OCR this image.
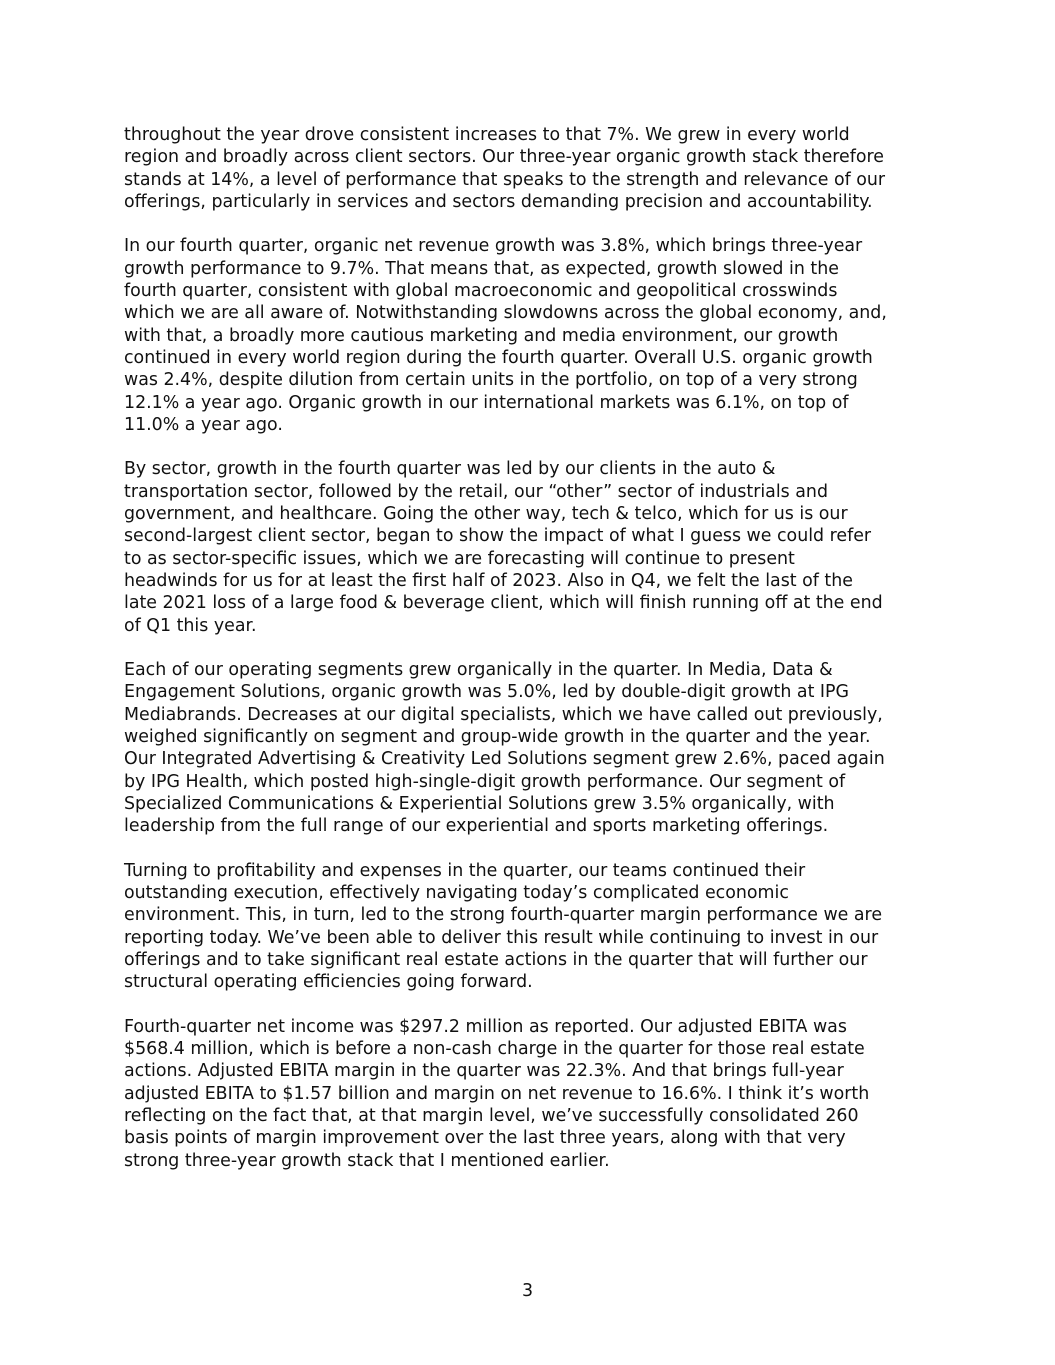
throughout the year drove consistent increases to that 7%. We grew in every world
region and broadly across client sectors. Our three-year organic growth stack therefore
stands at 14%, a level of performance that speaks to the strength and relevance of our
offerings, particularly in services and sectors demanding precision and accountability.

In our fourth quarter, organic net revenue growth was 3.8%, which brings three-year
growth performance to 9.7%. That means that, as expected, growth slowed in the
fourth quarter, consistent with global macroeconomic and geopolitical crosswinds
which we are all aware of. Notwithstanding slowdowns across the global economy, and,
with that, a broadly more cautious marketing and media environment, our growth
continued in every world region during the fourth quarter. Overall U.S. organic growth
was 2.4%, despite dilution from certain units in the portfolio, on top of a very strong
12.1% a year ago. Organic growth in our international markets was 6.1%, on top of
11.0% a year ago.

By sector, growth in the fourth quarter was led by our clients in the auto &
transportation sector, followed by the retail, our “other” sector of industrials and
government, and healthcare. Going the other way, tech & telco, which for us is our
second-largest client sector, began to show the impact of what I guess we could refer
to as sector-specific issues, which we are forecasting will continue to present
headwinds for us for at least the first half of 2023. Also in Q4, we felt the last of the
late 2021 loss of a large food & beverage client, which will finish running off at the end
of Q1 this year.

Each of our operating segments grew organically in the quarter. In Media, Data &
Engagement Solutions, organic growth was 5.0%, led by double-digit growth at IPG
Mediabrands. Decreases at our digital specialists, which we have called out previously,
weighed significantly on segment and group-wide growth in the quarter and the year.
Our Integrated Advertising & Creativity Led Solutions segment grew 2.6%, paced again
by IPG Health, which posted high-single-digit growth performance. Our segment of
Specialized Communications & Experiential Solutions grew 3.5% organically, with
leadership from the full range of our experiential and sports marketing offerings.

Turning to profitability and expenses in the quarter, our teams continued their
outstanding execution, effectively navigating today’s complicated economic
environment. This, in turn, led to the strong fourth-quarter margin performance we are
reporting today. We’ve been able to deliver this result while continuing to invest in our
offerings and to take significant real estate actions in the quarter that will further our
structural operating efficiencies going forward.

Fourth-quarter net income was $297.2 million as reported. Our adjusted EBITA was
$568.4 million, which is before a non-cash charge in the quarter for those real estate
actions. Adjusted EBITA margin in the quarter was 22.3%. And that brings full-year
adjusted EBITA to $1.57 billion and margin on net revenue to 16.6%. I think it’s worth
reflecting on the fact that, at that margin level, we’ve successfully consolidated 260
basis points of margin improvement over the last three years, along with that very
strong three-year growth stack that I mentioned earlier.

3
